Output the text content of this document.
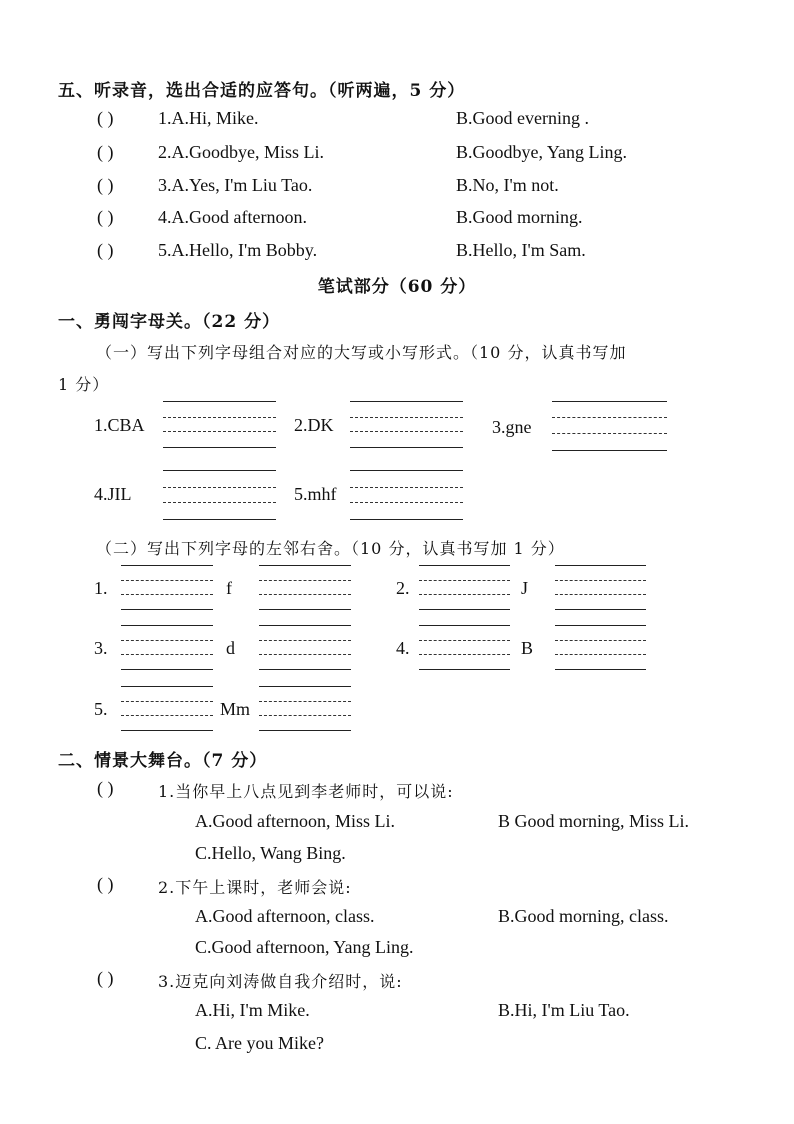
五、听录音，选出合适的应答句。（听两遍，5 分）
( ) 1.A.Hi, Mike.	B.Good everning .
( ) 2.A.Goodbye, Miss Li.	B.Goodbye, Yang Ling.
( ) 3.A.Yes, I'm Liu Tao.	B.No, I'm not.
( ) 4.A.Good afternoon.	B.Good morning.
( ) 5.A.Hello, I'm Bobby.	B.Hello, I'm Sam.
笔试部分（60 分）
一、勇闯字母关。（22 分）
（一）写出下列字母组合对应的大写或小写形式。（10 分，认真书写加
1 分）
1.CBA	2.DK	3.gne
4.JIL	5.mhf
（二）写出下列字母的左邻右舍。（10 分，认真书写加 1 分）
1.	f	2.	J
3.	d	4.	B
5.	Mm
二、情景大舞台。（7 分）
( )	1.当你早上八点见到李老师时，可以说:
A.Good afternoon, Miss Li.	B Good morning, Miss Li.
C.Hello, Wang Bing.
( )	2.下午上课时，老师会说:
A.Good afternoon, class.	B.Good morning, class.
C.Good afternoon, Yang Ling.
( )	3.迈克向刘涛做自我介绍时，说:
A.Hi, I'm Mike.	B.Hi, I'm Liu Tao.
C. Are you Mike?
